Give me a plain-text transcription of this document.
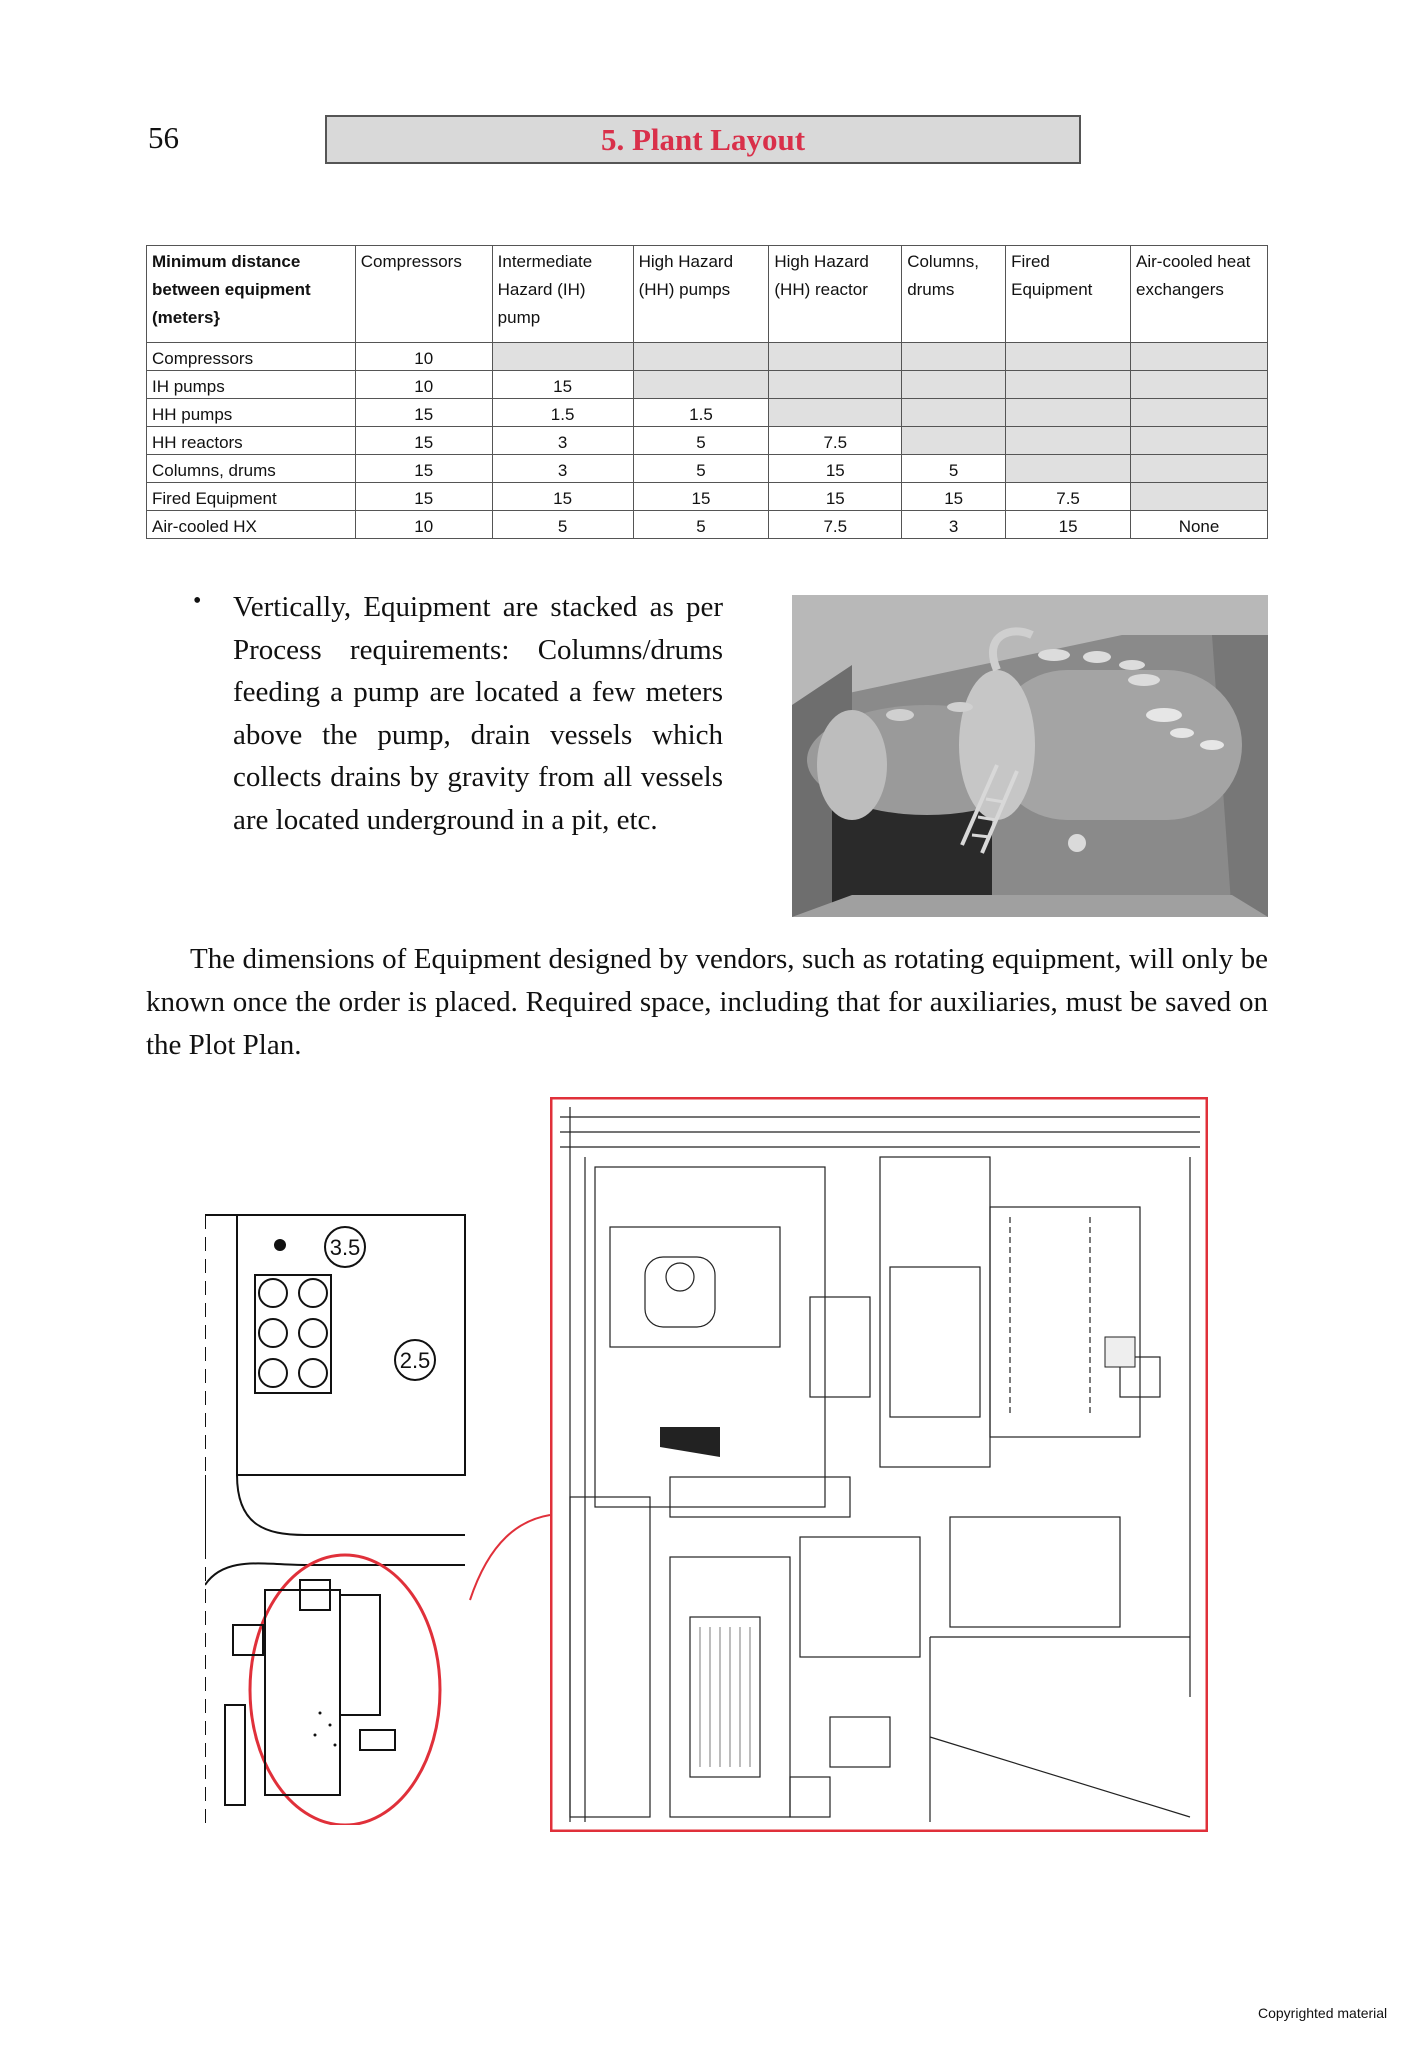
56	5. Plant Layout
Minimum distance between equipment (meters}	Compressors	Intermediate Hazard (IH) pump	High Hazard (HH) pumps	High Hazard (HH) reactor	Columns, drums	Fired Equipment	Air-cooled heat exchangers
Compressors	10						
IH pumps	10	15					
HH pumps	15	1.5	1.5				
HH reactors	15	3	5	7.5			
Columns, drums	15	3	5	15	5		
Fired Equipment	15	15	15	15	15	7.5	
Air-cooled HX	10	5	5	7.5	3	15	None
• Vertically, Equipment are stacked as per Process requirements: Columns/drums feeding a pump are located a few meters above the pump, drain vessels which collects drains by gravity from all vessels are located underground in a pit, etc.
The dimensions of Equipment designed by vendors, such as rotating equipment, will only be known once the order is placed. Required space, including that for auxiliaries, must be saved on the Plot Plan.
3.5
2.5
Copyrighted material
